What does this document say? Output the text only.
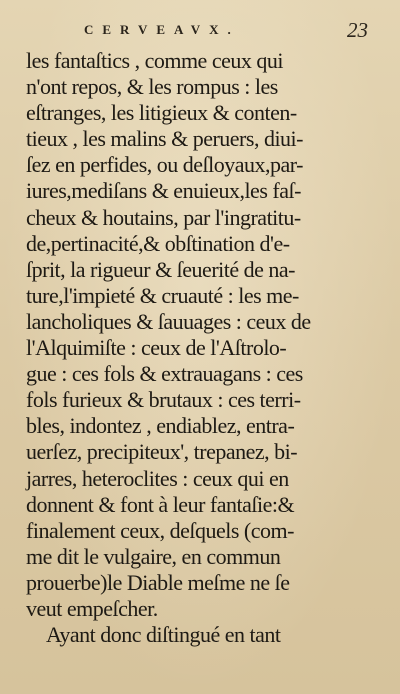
CERVEAVX.	23
les fantaſtics , comme ceux qui
n'ont repos, & les rompus : les
eſtranges, les litigieux & conten-
tieux , les malins & peruers, diui-
ſez en perfides, ou deſloyaux,par-
iures,mediſans & enuieux,les faſ-
cheux & houtains, par l'ingratitu-
de,pertinacité,& obſtination d'e-
ſprit, la rigueur & ſeuerité de na-
ture,l'impieté & cruauté : les me-
lancholiques & ſauuages : ceux de
l'Alquimiſte : ceux de l'Aſtrolo-
gue : ces fols & extrauagans : ces
fols furieux & brutaux : ces terri-
bles, indontez , endiablez, entra-
uerſez, precipiteux', trepanez, bi-
jarres, heteroclites : ceux qui en
donnent & font à leur fantaſie:&
finalement ceux, deſquels (com-
me dit le vulgaire, en commun
prouerbe)le Diable meſme ne ſe
veut empeſcher.
Ayant donc diſtingué en tant
